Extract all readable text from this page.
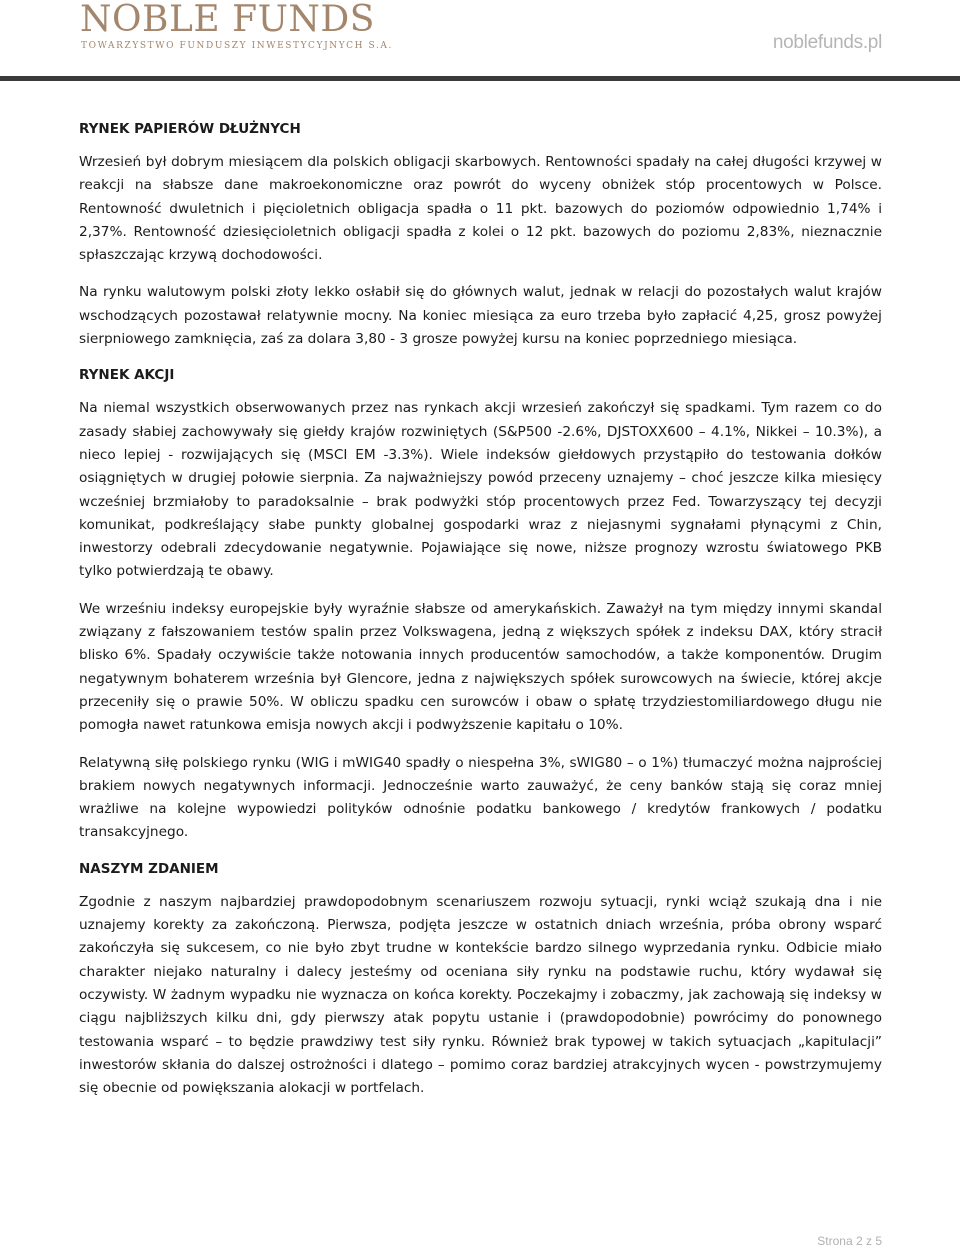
NOBLE FUNDS
TOWARZYSTWO FUNDUSZY INWESTYCYJNYCH S.A.	noblefunds.pl
RYNEK PAPIERÓW DŁUŻNYCH

Wrzesień był dobrym miesiącem dla polskich obligacji skarbowych. Rentowności spadały na całej długości krzywej w reakcji na słabsze dane makroekonomiczne oraz powrót do wyceny obniżek stóp procentowych w Polsce. Rentowność dwuletnich i pięcioletnich obligacja spadła o 11 pkt. bazowych do poziomów odpowiednio 1,74% i 2,37%. Rentowność dziesięcioletnich obligacji spadła z kolei o 12 pkt. bazowych do poziomu 2,83%, nieznacznie spłaszczając krzywą dochodowości.

Na rynku walutowym polski złoty lekko osłabił się do głównych walut, jednak w relacji do pozostałych walut krajów wschodzących pozostawał relatywnie mocny. Na koniec miesiąca za euro trzeba było zapłacić 4,25, grosz powyżej sierpniowego zamknięcia, zaś za dolara 3,80 - 3 grosze powyżej kursu na koniec poprzedniego miesiąca.

RYNEK AKCJI

Na niemal wszystkich obserwowanych przez nas rynkach akcji wrzesień zakończył się spadkami. Tym razem co do zasady słabiej zachowywały się giełdy krajów rozwiniętych (S&P500 -2.6%, DJSTOXX600 – 4.1%, Nikkei – 10.3%), a nieco lepiej - rozwijających się (MSCI EM -3.3%). Wiele indeksów giełdowych przystąpiło do testowania dołków osiągniętych w drugiej połowie sierpnia. Za najważniejszy powód przeceny uznajemy – choć jeszcze kilka miesięcy wcześniej brzmiałoby to paradoksalnie – brak podwyżki stóp procentowych przez Fed. Towarzyszący tej decyzji komunikat, podkreślający słabe punkty globalnej gospodarki wraz z niejasnymi sygnałami płynącymi z Chin, inwestorzy odebrali zdecydowanie negatywnie. Pojawiające się nowe, niższe prognozy wzrostu światowego PKB tylko potwierdzają te obawy.

We wrześniu indeksy europejskie były wyraźnie słabsze od amerykańskich. Zaważył na tym między innymi skandal związany z fałszowaniem testów spalin przez Volkswagena, jedną z większych spółek z indeksu DAX, który stracił blisko 6%. Spadały oczywiście także notowania innych producentów samochodów, a także komponentów. Drugim negatywnym bohaterem września był Glencore, jedna z największych spółek surowcowych na świecie, której akcje przeceniły się o prawie 50%. W obliczu spadku cen surowców i obaw o spłatę trzydziestomiliardowego długu nie pomogła nawet ratunkowa emisja nowych akcji i podwyższenie kapitału o 10%.

Relatywną siłę polskiego rynku (WIG i mWIG40 spadły o niespełna 3%, sWIG80 – o 1%) tłumaczyć można najprościej brakiem nowych negatywnych informacji. Jednocześnie warto zauważyć, że ceny banków stają się coraz mniej wrażliwe na kolejne wypowiedzi polityków odnośnie podatku bankowego / kredytów frankowych / podatku transakcyjnego.

NASZYM ZDANIEM

Zgodnie z naszym najbardziej prawdopodobnym scenariuszem rozwoju sytuacji, rynki wciąż szukają dna i nie uznajemy korekty za zakończoną. Pierwsza, podjęta jeszcze w ostatnich dniach września, próba obrony wsparć zakończyła się sukcesem, co nie było zbyt trudne w kontekście bardzo silnego wyprzedania rynku. Odbicie miało charakter niejako naturalny i dalecy jesteśmy od oceniana siły rynku na podstawie ruchu, który wydawał się oczywisty. W żadnym wypadku nie wyznacza on końca korekty. Poczekajmy i zobaczmy, jak zachowają się indeksy w ciągu najbliższych kilku dni, gdy pierwszy atak popytu ustanie i (prawdopodobnie) powrócimy do ponownego testowania wsparć – to będzie prawdziwy test siły rynku. Również brak typowej w takich sytuacjach „kapitulacji” inwestorów skłania do dalszej ostrożności i dlatego – pomimo coraz bardziej atrakcyjnych wycen - powstrzymujemy się obecnie od powiększania alokacji w portfelach.

Strona 2 z 5
